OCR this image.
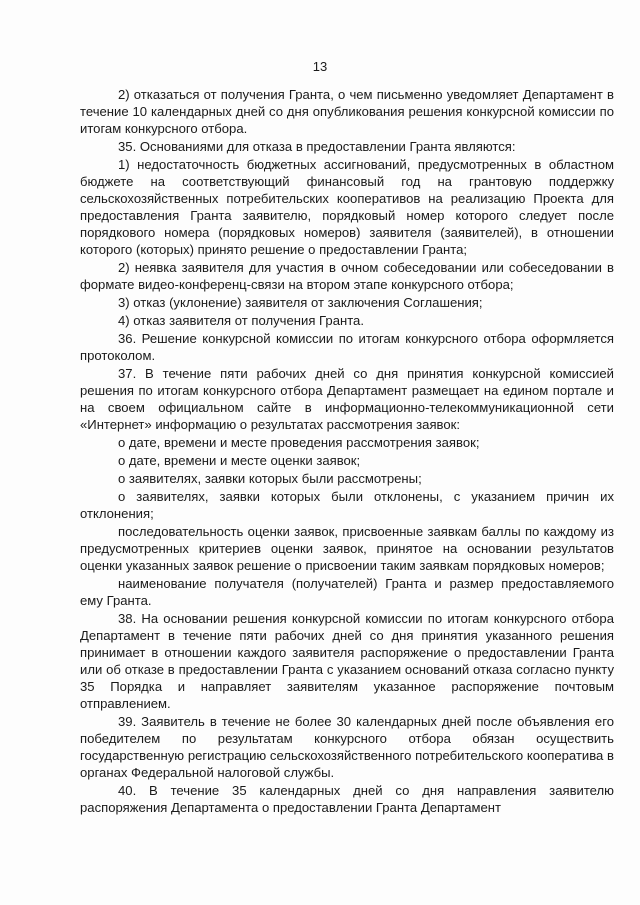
13

2) отказаться от получения Гранта, о чем письменно уведомляет Департамент в течение 10 календарных дней со дня опубликования решения конкурсной комиссии по итогам конкурсного отбора.

35. Основаниями для отказа в предоставлении Гранта являются:

1) недостаточность бюджетных ассигнований, предусмотренных в областном бюджете на соответствующий финансовый год на грантовую поддержку сельскохозяйственных потребительских кооперативов на реализацию Проекта для предоставления Гранта заявителю, порядковый номер которого следует после порядкового номера (порядковых номеров) заявителя (заявителей), в отношении которого (которых) принято решение о предоставлении Гранта;

2) неявка заявителя для участия в очном собеседовании или собеседовании в формате видео-конференц-связи на втором этапе конкурсного отбора;

3) отказ (уклонение) заявителя от заключения Соглашения;

4) отказ заявителя от получения Гранта.

36. Решение конкурсной комиссии по итогам конкурсного отбора оформляется протоколом.

37. В течение пяти рабочих дней со дня принятия конкурсной комиссией решения по итогам конкурсного отбора Департамент размещает на едином портале и на своем официальном сайте в информационно-телекоммуникационной сети «Интернет» информацию о результатах рассмотрения заявок:

о дате, времени и месте проведения рассмотрения заявок;

о дате, времени и месте оценки заявок;

о заявителях, заявки которых были рассмотрены;

о заявителях, заявки которых были отклонены, с указанием причин их отклонения;

последовательность оценки заявок, присвоенные заявкам баллы по каждому из предусмотренных критериев оценки заявок, принятое на основании результатов оценки указанных заявок решение о присвоении таким заявкам порядковых номеров;

наименование получателя (получателей) Гранта и размер предоставляемого ему Гранта.

38. На основании решения конкурсной комиссии по итогам конкурсного отбора Департамент в течение пяти рабочих дней со дня принятия указанного решения принимает в отношении каждого заявителя распоряжение о предоставлении Гранта или об отказе в предоставлении Гранта с указанием оснований отказа согласно пункту 35 Порядка и направляет заявителям указанное распоряжение почтовым отправлением.

39. Заявитель в течение не более 30 календарных дней после объявления его победителем по результатам конкурсного отбора обязан осуществить государственную регистрацию сельскохозяйственного потребительского кооператива в органах Федеральной налоговой службы.

40. В течение 35 календарных дней со дня направления заявителю распоряжения Департамента о предоставлении Гранта Департамент
